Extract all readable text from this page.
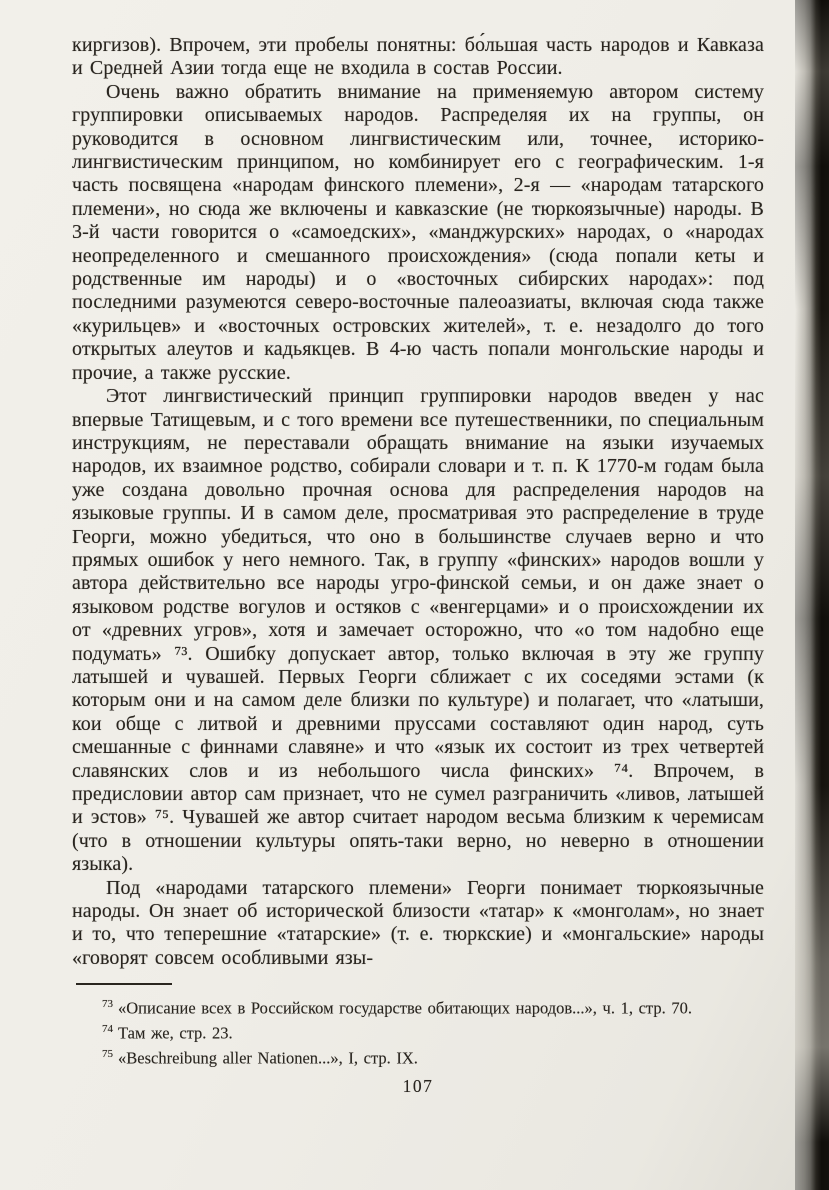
киргизов). Впрочем, эти пробелы понятны: бо́льшая часть народов и Кавказа и Средней Азии тогда еще не входила в состав России.

Очень важно обратить внимание на применяемую автором систему группировки описываемых народов. Распределяя их на группы, он руководится в основном лингвистическим или, точнее, историко-лингвистическим принципом, но комбинирует его с географическим. 1-я часть посвящена «народам финского племени», 2-я — «народам татарского племени», но сюда же включены и кавказские (не тюркоязычные) народы. В 3-й части говорится о «самоедских», «манджурских» народах, о «народах неопределенного и смешанного происхождения» (сюда попали кеты и родственные им народы) и о «восточных сибирских народах»: под последними разумеются северо-восточные палеоазиаты, включая сюда также «курильцев» и «восточных островских жителей», т. е. незадолго до того открытых алеутов и кадьякцев. В 4-ю часть попали монгольские народы и прочие, а также русские.

Этот лингвистический принцип группировки народов введен у нас впервые Татищевым, и с того времени все путешественники, по специальным инструкциям, не переставали обращать внимание на языки изучаемых народов, их взаимное родство, собирали словари и т. п. К 1770-м годам была уже создана довольно прочная основа для распределения народов на языковые группы. И в самом деле, просматривая это распределение в труде Георги, можно убедиться, что оно в большинстве случаев верно и что прямых ошибок у него немного. Так, в группу «финских» народов вошли у автора действительно все народы угро-финской семьи, и он даже знает о языковом родстве вогулов и остяков с «венгерцами» и о происхождении их от «древних угров», хотя и замечает осторожно, что «о том надобно еще подумать» ⁷³. Ошибку допускает автор, только включая в эту же группу латышей и чувашей. Первых Георги сближает с их соседями эстами (к которым они и на самом деле близки по культуре) и полагает, что «латыши, кои обще с литвой и древними пруссами составляют один народ, суть смешанные с финнами славяне» и что «язык их состоит из трех четвертей славянских слов и из небольшого числа финских» ⁷⁴. Впрочем, в предисловии автор сам признает, что не сумел разграничить «ливов, латышей и эстов» ⁷⁵. Чувашей же автор считает народом весьма близким к черемисам (что в отношении культуры опять-таки верно, но неверно в отношении языка).

Под «народами татарского племени» Георги понимает тюркоязычные народы. Он знает об исторической близости «татар» к «монголам», но знает и то, что теперешние «татарские» (т. е. тюркские) и «монгальские» народы «говорят совсем особливыми язы-

$^{73}$ «Описание всех в Российском государстве обитающих народов...», ч. 1, стр. 70.

$^{74}$ Там же, стр. 23.

$^{75}$ «Beschreibung aller Nationen...», I, стр. IX.

107
